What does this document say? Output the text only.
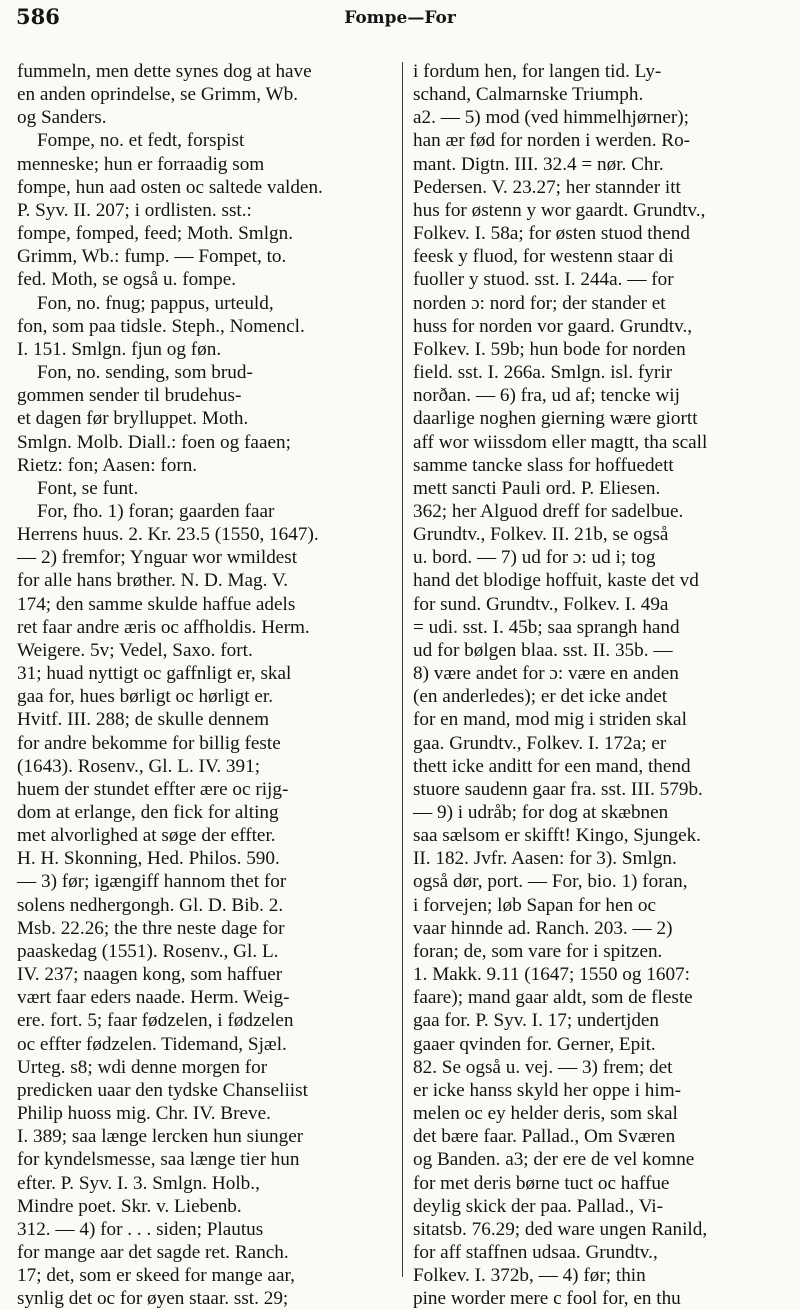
586	Fompe—For
fummeln, men dette synes dog at have
en anden oprindelse, se Grimm, Wb.
og Sanders.
Fompe, no. et fedt, forspist
menneske; hun er forraadig som
fompe, hun aad osten oc saltede valden.
P. Syv. II. 207; i ordlisten. sst.:
fompe, fomped, feed; Moth. Smlgn.
Grimm, Wb.: fump. — Fompet, to.
fed. Moth, se også u. fompe.
Fon, no. fnug; pappus, urteuld,
fon, som paa tidsle. Steph., Nomencl.
I. 151. Smlgn. fjun og føn.
Fon, no. sending, som brud-
gommen sender til brudehus-
et dagen før brylluppet. Moth.
Smlgn. Molb. Diall.: foen og faaen;
Rietz: fon; Aasen: forn.
Font, se funt.
For, fho. 1) foran; gaarden faar
Herrens huus. 2. Kr. 23.5 (1550, 1647).
— 2) fremfor; Ynguar wor wmildest
for alle hans brøther. N. D. Mag. V.
174; den samme skulde haffue adels
ret faar andre æris oc affholdis. Herm.
Weigere. 5v; Vedel, Saxo. fort.
31; huad nyttigt oc gaffnligt er, skal
gaa for, hues børligt oc hørligt er.
Hvitf. III. 288; de skulle dennem
for andre bekomme for billig feste
(1643). Rosenv., Gl. L. IV. 391;
huem der stundet effter ære oc rijg-
dom at erlange, den fick for alting
met alvorlighed at søge der effter.
H. H. Skonning, Hed. Philos. 590.
— 3) før; igængiff hannom thet for
solens nedhergongh. Gl. D. Bib. 2.
Msb. 22.26; the thre neste dage for
paaskedag (1551). Rosenv., Gl. L.
IV. 237; naagen kong, som haffuer
vært faar eders naade. Herm. Weig-
ere. fort. 5; faar fødzelen, i fødzelen
oc effter fødzelen. Tidemand, Sjæl.
Urteg. s8; wdi denne morgen for
predicken uaar den tydske Chanseliist
Philip huoss mig. Chr. IV. Breve.
I. 389; saa længe lercken hun siunger
for kyndelsmesse, saa længe tier hun
efter. P. Syv. I. 3. Smlgn. Holb.,
Mindre poet. Skr. v. Liebenb.
312. — 4) for . . . siden; Plautus
for mange aar det sagde ret. Ranch.
17; det, som er skeed for mange aar,
synlig det oc for øyen staar. sst. 29;
i fordum hen, for langen tid. Ly-
schand, Calmarnske Triumph.
a2. — 5) mod (ved himmelhjørner);
han ær fød for norden i werden. Ro-
mant. Digtn. III. 32.4 = nør. Chr.
Pedersen. V. 23.27; her stannder itt
hus for østenn y wor gaardt. Grundtv.,
Folkev. I. 58a; for østen stuod thend
feesk y fluod, for westenn staar di
fuoller y stuod. sst. I. 244a. — for
norden ɔ: nord for; der stander et
huss for norden vor gaard. Grundtv.,
Folkev. I. 59b; hun bode for norden
field. sst. I. 266a. Smlgn. isl. fyrir
norðan. — 6) fra, ud af; tencke wij
daarlige noghen gierning wære giortt
aff wor wiissdom eller magtt, tha scall
samme tancke slass for hoffuedett
mett sancti Pauli ord. P. Eliesen.
362; her Alguod dreff for sadelbue.
Grundtv., Folkev. II. 21b, se også
u. bord. — 7) ud for ɔ: ud i; tog
hand det blodige hoffuit, kaste det vd
for sund. Grundtv., Folkev. I. 49a
= udi. sst. I. 45b; saa sprangh hand
ud for bølgen blaa. sst. II. 35b. —
8) være andet for ɔ: være en anden
(en anderledes); er det icke andet
for en mand, mod mig i striden skal
gaa. Grundtv., Folkev. I. 172a; er
thett icke anditt for een mand, thend
stuore saudenn gaar fra. sst. III. 579b.
— 9) i udråb; for dog at skæbnen
saa sælsom er skifft! Kingo, Sjungek.
II. 182. Jvfr. Aasen: for 3). Smlgn.
også dør, port. — For, bio. 1) foran,
i forvejen; løb Sapan for hen oc
vaar hinnde ad. Ranch. 203. — 2)
foran; de, som vare for i spitzen.
1. Makk. 9.11 (1647; 1550 og 1607:
faare); mand gaar aldt, som de fleste
gaa for. P. Syv. I. 17; undertjden
gaaer qvinden for. Gerner, Epit.
82. Se også u. vej. — 3) frem; det
er icke hanss skyld her oppe i him-
melen oc ey helder deris, som skal
det bære faar. Pallad., Om Sværen
og Banden. a3; der ere de vel komne
for met deris børne tuct oc haffue
deylig skick der paa. Pallad., Vi-
sitatsb. 76.29; ded ware ungen Ranild,
for aff staffnen udsaa. Grundtv.,
Folkev. I. 372b, — 4) før; thin
pine worder mere c fool for, en thu
